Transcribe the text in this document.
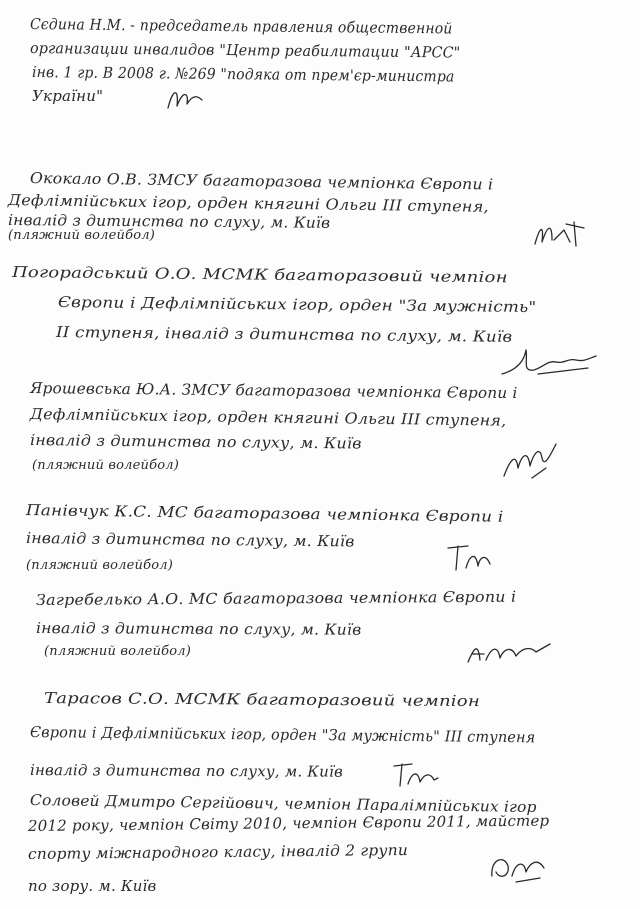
Сєдина Н.М. - председатель правления общественной
организации инвалидов "Центр реабилитации "АРСС"
інв. 1 гр. В 2008 г. №269 "подяка от прем'єр-министра
України"
Ококало О.В. ЗМСУ багаторазова чемпіонка Європи і
Дефлімпійських ігор, орден княгині Ольги III ступеня,
інвалід з дитинства по слуху, м. Київ
(пляжний волейбол)
Погорадський О.О. МСМК багаторазовий чемпіон
Європи і Дефлімпійських ігор, орден "За мужність"
II ступеня, інвалід з дитинства по слуху, м. Київ
Ярошевська Ю.А. ЗМСУ багаторазова чемпіонка Європи і
Дефлімпійських ігор, орден княгині Ольги III ступеня,
інвалід з дитинства по слуху, м. Київ
(пляжний волейбол)
Панівчук К.С. МС багаторазова чемпіонка Європи і
інвалід з дитинства по слуху, м. Київ
(пляжний волейбол)
Загребелько А.О. МС багаторазова чемпіонка Європи і
інвалід з дитинства по слуху, м. Київ
(пляжний волейбол)
Тарасов С.О. МСМК багаторазовий чемпіон
Європи і Дефлімпійських ігор, орден "За мужність" III ступеня
інвалід з дитинства по слуху, м. Київ
Соловей Дмитро Сергійович, чемпіон Паралімпійських ігор
2012 року, чемпіон Світу 2010, чемпіон Європи 2011, майстер
спорту міжнародного класу, інвалід 2 групи
по зору. м. Київ
